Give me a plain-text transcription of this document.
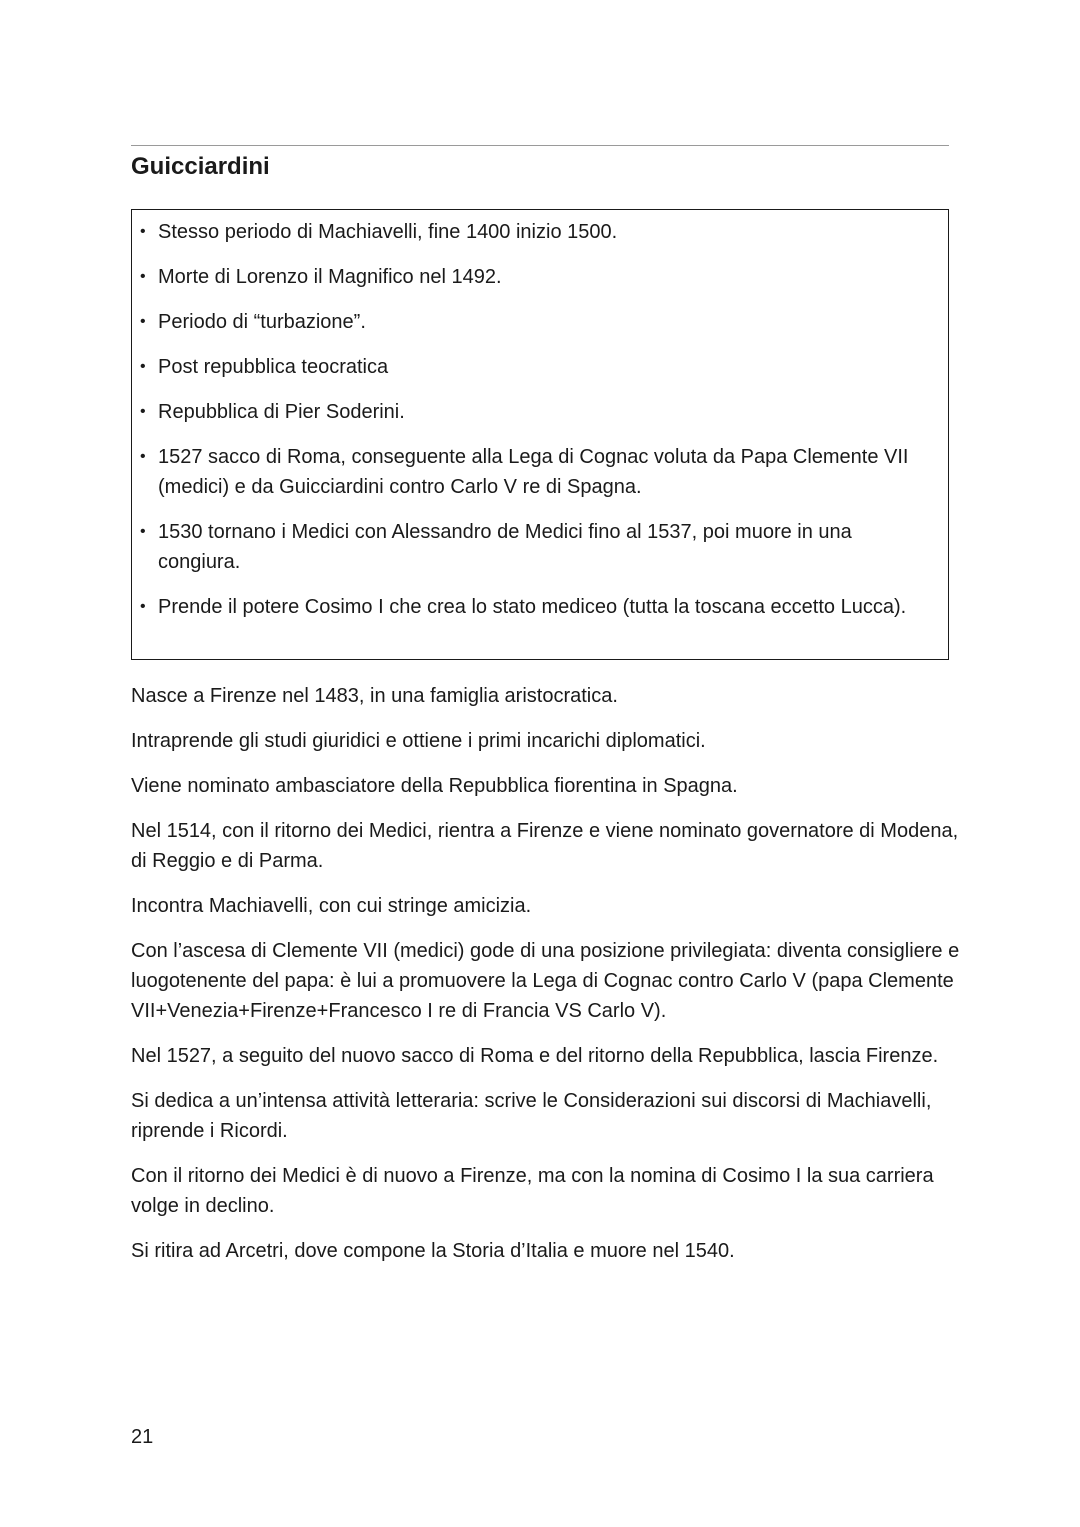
Guicciardini
• Stesso periodo di Machiavelli, fine 1400 inizio 1500.
• Morte di Lorenzo il Magnifico nel 1492.
• Periodo di “turbazione”.
• Post repubblica teocratica
• Repubblica di Pier Soderini.
• 1527 sacco di Roma, conseguente alla Lega di Cognac voluta da Papa Clemente VII (medici) e da Guicciardini contro Carlo V re di Spagna.
• 1530 tornano i Medici con Alessandro de Medici fino al 1537, poi muore in una congiura.
• Prende il potere Cosimo I che crea lo stato mediceo (tutta la toscana eccetto Lucca).

Nasce a Firenze nel 1483, in una famiglia aristocratica.

Intraprende gli studi giuridici e ottiene i primi incarichi diplomatici.

Viene nominato ambasciatore della Repubblica fiorentina in Spagna.

Nel 1514, con il ritorno dei Medici, rientra a Firenze e viene nominato governatore di Modena, di Reggio e di Parma.

Incontra Machiavelli, con cui stringe amicizia.

Con l’ascesa di Clemente VII (medici) gode di una posizione privilegiata: diventa consigliere e luogotenente del papa: è lui a promuovere la Lega di Cognac contro Carlo V (papa Clemente VII+Venezia+Firenze+Francesco I re di Francia VS Carlo V).

Nel 1527, a seguito del nuovo sacco di Roma e del ritorno della Repubblica, lascia Firenze.

Si dedica a un’intensa attività letteraria: scrive le Considerazioni sui discorsi di Machiavelli, riprende i Ricordi.

Con il ritorno dei Medici è di nuovo a Firenze, ma con la nomina di Cosimo I la sua carriera volge in declino.

Si ritira ad Arcetri, dove compone la Storia d’Italia e muore nel 1540.

21
